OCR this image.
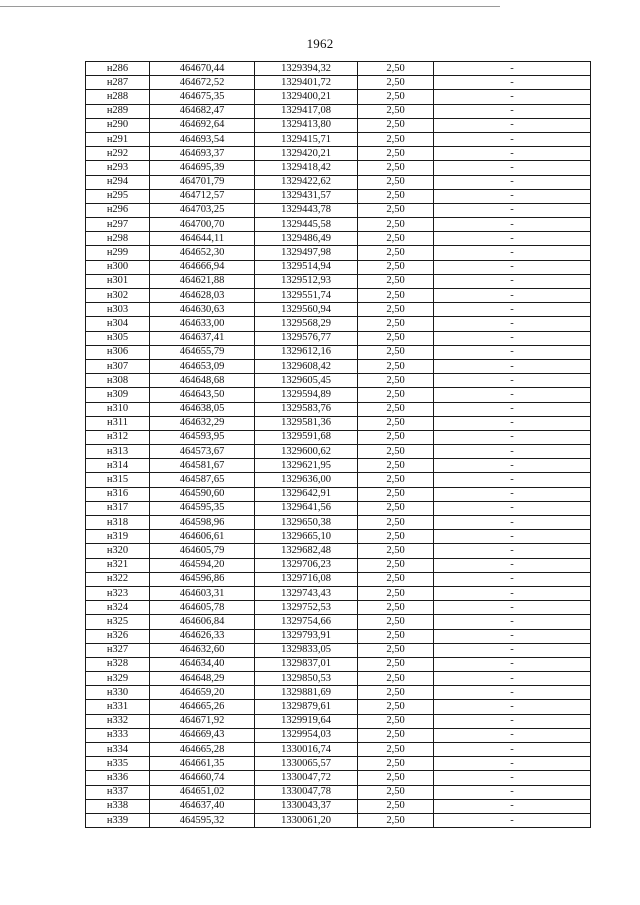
1962
н286	464670,44	1329394,32	2,50	-
н287	464672,52	1329401,72	2,50	-
н288	464675,35	1329400,21	2,50	-
н289	464682,47	1329417,08	2,50	-
н290	464692,64	1329413,80	2,50	-
н291	464693,54	1329415,71	2,50	-
н292	464693,37	1329420,21	2,50	-
н293	464695,39	1329418,42	2,50	-
н294	464701,79	1329422,62	2,50	-
н295	464712,57	1329431,57	2,50	-
н296	464703,25	1329443,78	2,50	-
н297	464700,70	1329445,58	2,50	-
н298	464644,11	1329486,49	2,50	-
н299	464652,30	1329497,98	2,50	-
н300	464666,94	1329514,94	2,50	-
н301	464621,88	1329512,93	2,50	-
н302	464628,03	1329551,74	2,50	-
н303	464630,63	1329560,94	2,50	-
н304	464633,00	1329568,29	2,50	-
н305	464637,41	1329576,77	2,50	-
н306	464655,79	1329612,16	2,50	-
н307	464653,09	1329608,42	2,50	-
н308	464648,68	1329605,45	2,50	-
н309	464643,50	1329594,89	2,50	-
н310	464638,05	1329583,76	2,50	-
н311	464632,29	1329581,36	2,50	-
н312	464593,95	1329591,68	2,50	-
н313	464573,67	1329600,62	2,50	-
н314	464581,67	1329621,95	2,50	-
н315	464587,65	1329636,00	2,50	-
н316	464590,60	1329642,91	2,50	-
н317	464595,35	1329641,56	2,50	-
н318	464598,96	1329650,38	2,50	-
н319	464606,61	1329665,10	2,50	-
н320	464605,79	1329682,48	2,50	-
н321	464594,20	1329706,23	2,50	-
н322	464596,86	1329716,08	2,50	-
н323	464603,31	1329743,43	2,50	-
н324	464605,78	1329752,53	2,50	-
н325	464606,84	1329754,66	2,50	-
н326	464626,33	1329793,91	2,50	-
н327	464632,60	1329833,05	2,50	-
н328	464634,40	1329837,01	2,50	-
н329	464648,29	1329850,53	2,50	-
н330	464659,20	1329881,69	2,50	-
н331	464665,26	1329879,61	2,50	-
н332	464671,92	1329919,64	2,50	-
н333	464669,43	1329954,03	2,50	-
н334	464665,28	1330016,74	2,50	-
н335	464661,35	1330065,57	2,50	-
н336	464660,74	1330047,72	2,50	-
н337	464651,02	1330047,78	2,50	-
н338	464637,40	1330043,37	2,50	-
н339	464595,32	1330061,20	2,50	-
